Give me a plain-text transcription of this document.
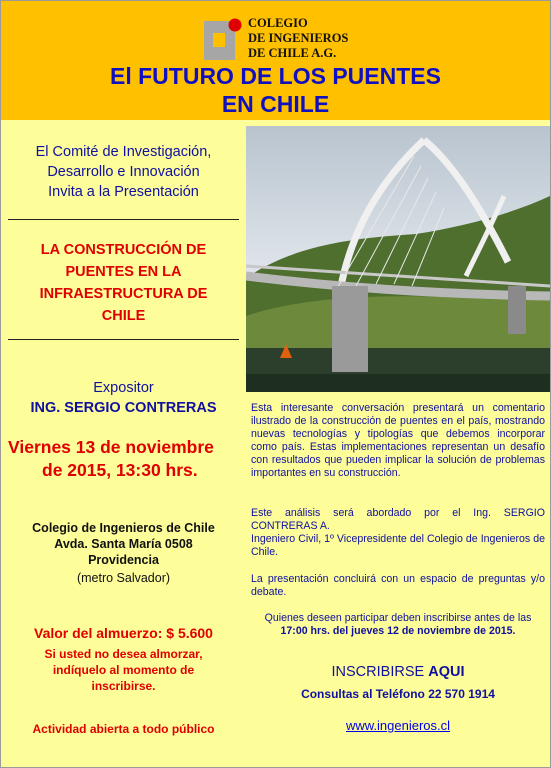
COLEGIO
DE INGENIEROS
DE CHILE A.G.
El FUTURO DE LOS PUENTES
EN CHILE
El Comité de Investigación,
Desarrollo e Innovación
Invita a la Presentación
LA CONSTRUCCIÓN DE
PUENTES EN LA
INFRAESTRUCTURA DE
CHILE
Expositor
ING. SERGIO CONTRERAS
Viernes 13 de noviembre
de 2015, 13:30 hrs.
Colegio de Ingenieros de Chile
Avda. Santa María 0508
Providencia
(metro Salvador)
Valor del almuerzo: $ 5.600
Si usted no desea almorzar,
indíquelo al momento de
inscribirse.
Actividad abierta a todo público

Esta interesante conversación presentará un comentario ilustrado de la construcción de puentes en el país, mostrando nuevas tecnologías y tipologías que debemos incorporar como país. Estas implementaciones representan un desafío con resultados que pueden implicar la solución de problemas importantes en su construcción.

Este análisis será abordado por el Ing. SERGIO CONTRERAS A.
Ingeniero Civil, 1º Vicepresidente del Colegio de Ingenieros de Chile.

La presentación concluirá con un espacio de preguntas y/o debate.

Quienes deseen participar deben inscribirse antes de las
17:00 hrs. del jueves 12 de noviembre de 2015.
INSCRIBIRSE AQUI
Consultas al Teléfono 22 570 1914
www.ingenieros.cl
